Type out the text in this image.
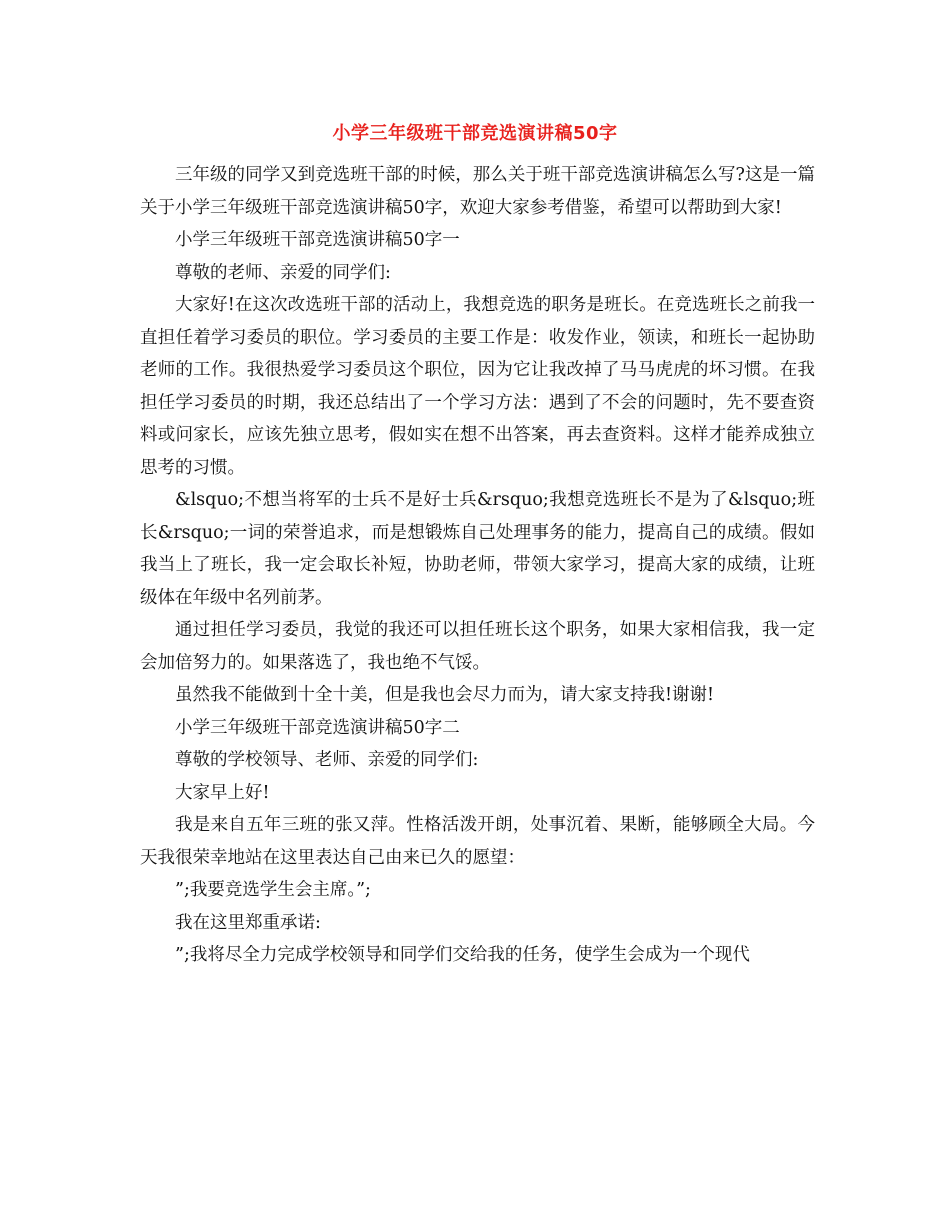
小学三年级班干部竞选演讲稿50字

三年级的同学又到竞选班干部的时候，那么关于班干部竞选演讲稿怎么写?这是一篇关于小学三年级班干部竞选演讲稿50字，欢迎大家参考借鉴，希望可以帮助到大家!

小学三年级班干部竞选演讲稿50字一

尊敬的老师、亲爱的同学们:

大家好!在这次改选班干部的活动上，我想竞选的职务是班长。在竞选班长之前我一直担任着学习委员的职位。学习委员的主要工作是：收发作业，领读，和班长一起协助老师的工作。我很热爱学习委员这个职位，因为它让我改掉了马马虎虎的坏习惯。在我担任学习委员的时期，我还总结出了一个学习方法：遇到了不会的问题时，先不要查资料或问家长，应该先独立思考，假如实在想不出答案，再去查资料。这样才能养成独立思考的习惯。

&lsquo;不想当将军的士兵不是好士兵&rsquo;我想竞选班长不是为了&lsquo;班长&rsquo;一词的荣誉追求，而是想锻炼自己处理事务的能力，提高自己的成绩。假如我当上了班长，我一定会取长补短，协助老师，带领大家学习，提高大家的成绩，让班级体在年级中名列前茅。

通过担任学习委员，我觉的我还可以担任班长这个职务，如果大家相信我，我一定会加倍努力的。如果落选了，我也绝不气馁。

虽然我不能做到十全十美，但是我也会尽力而为，请大家支持我!谢谢!

小学三年级班干部竞选演讲稿50字二

尊敬的学校领导、老师、亲爱的同学们:

大家早上好!

我是来自五年三班的张又萍。性格活泼开朗，处事沉着、果断，能够顾全大局。今天我很荣幸地站在这里表达自己由来已久的愿望：

”;我要竞选学生会主席。”;

我在这里郑重承诺:

”;我将尽全力完成学校领导和同学们交给我的任务，使学生会成为一个现代
